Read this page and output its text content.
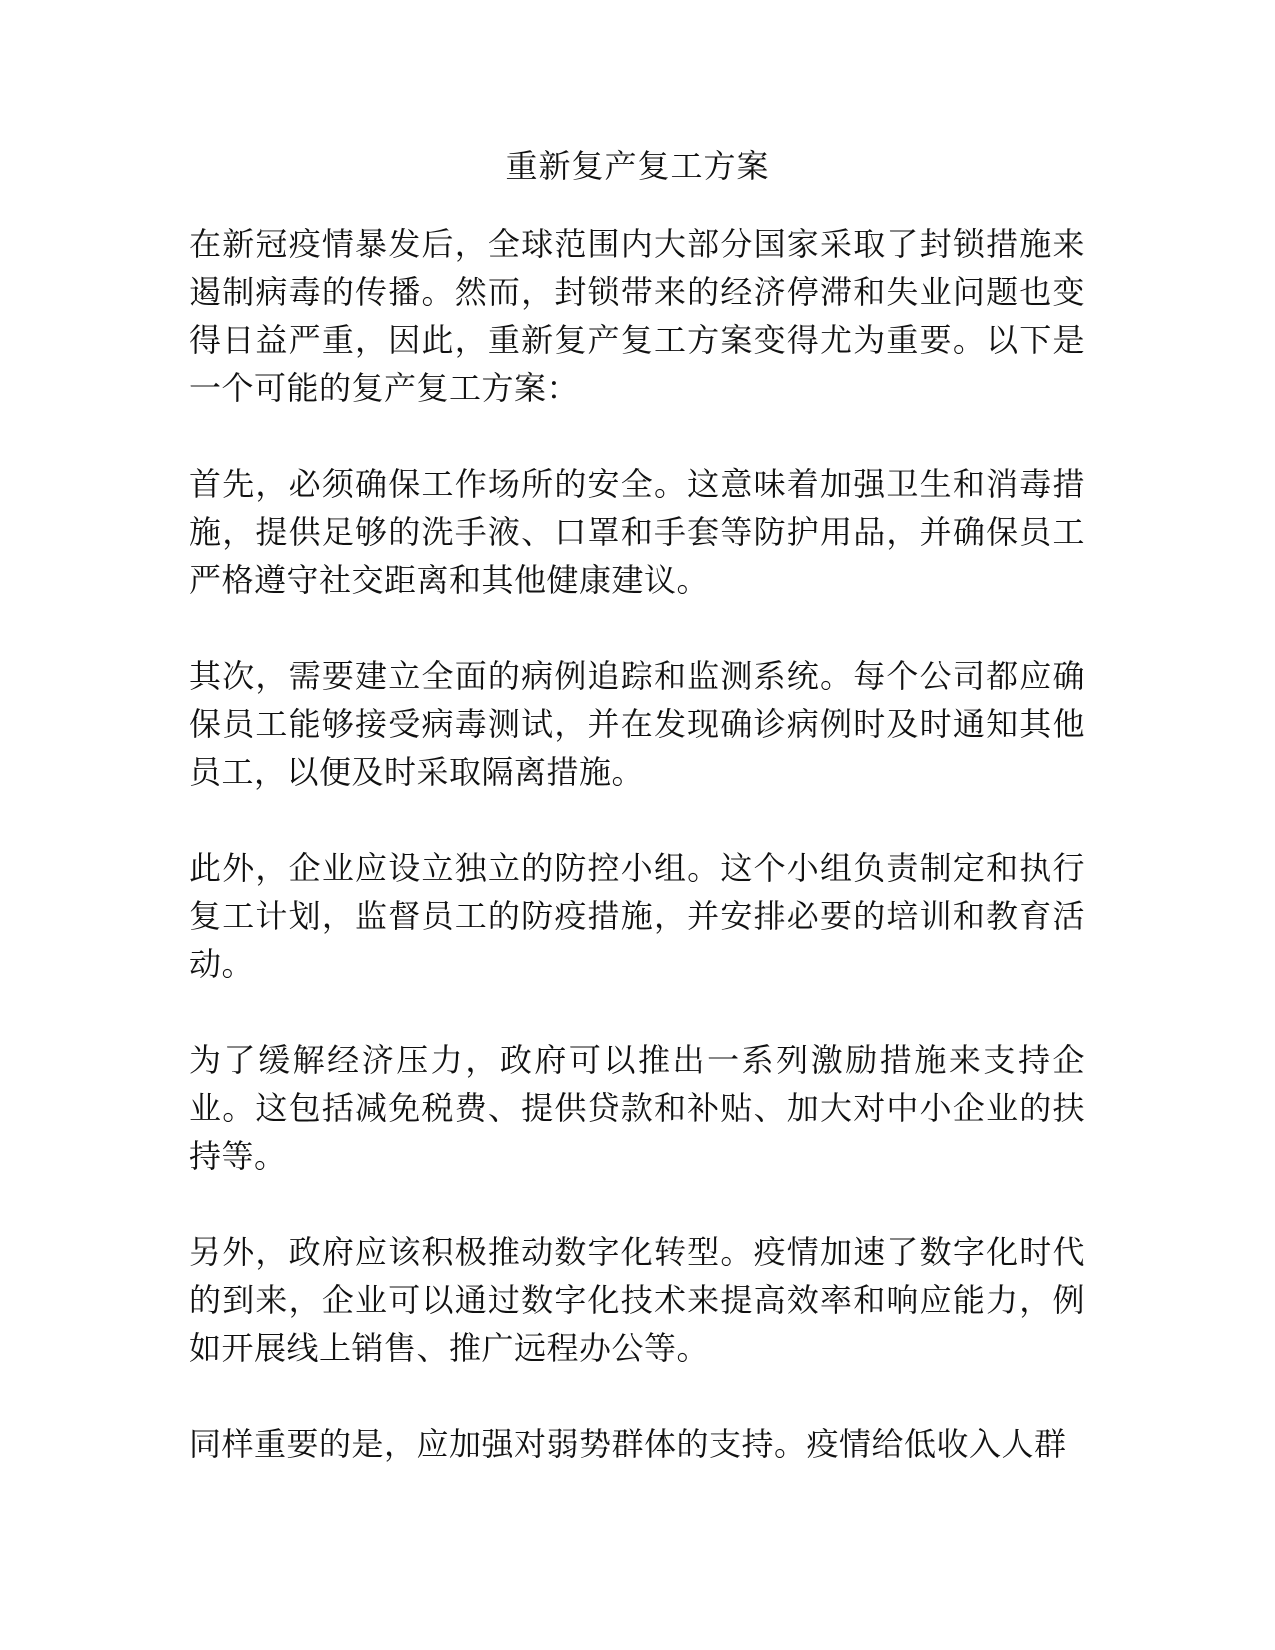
重新复产复工方案

在新冠疫情暴发后，全球范围内大部分国家采取了封锁措施来遏制病毒的传播。然而，封锁带来的经济停滞和失业问题也变得日益严重，因此，重新复产复工方案变得尤为重要。以下是一个可能的复产复工方案：

首先，必须确保工作场所的安全。这意味着加强卫生和消毒措施，提供足够的洗手液、口罩和手套等防护用品，并确保员工严格遵守社交距离和其他健康建议。

其次，需要建立全面的病例追踪和监测系统。每个公司都应确保员工能够接受病毒测试，并在发现确诊病例时及时通知其他员工，以便及时采取隔离措施。

此外，企业应设立独立的防控小组。这个小组负责制定和执行复工计划，监督员工的防疫措施，并安排必要的培训和教育活动。

为了缓解经济压力，政府可以推出一系列激励措施来支持企业。这包括减免税费、提供贷款和补贴、加大对中小企业的扶持等。

另外，政府应该积极推动数字化转型。疫情加速了数字化时代的到来，企业可以通过数字化技术来提高效率和响应能力，例如开展线上销售、推广远程办公等。

同样重要的是，应加强对弱势群体的支持。疫情给低收入人群
